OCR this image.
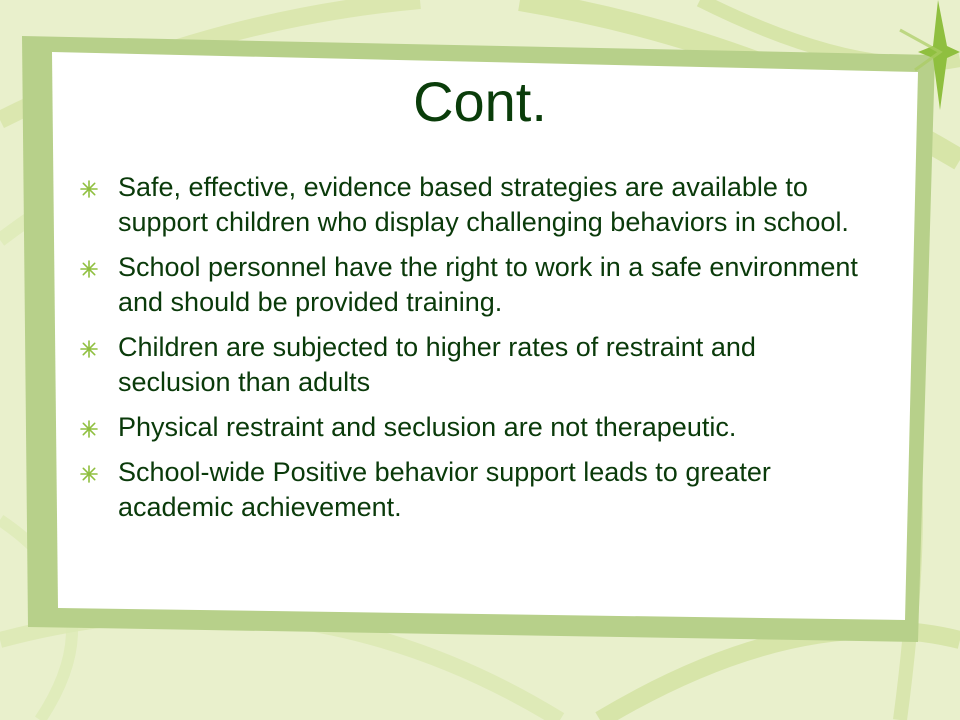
Cont.
Safe, effective, evidence based strategies are available to support children who display challenging behaviors in school.
School personnel have the right to work in a safe environment and should be provided training.
Children are subjected to higher rates of restraint and seclusion than adults
Physical restraint and seclusion are not therapeutic.
School-wide Positive behavior support leads to greater academic achievement.
